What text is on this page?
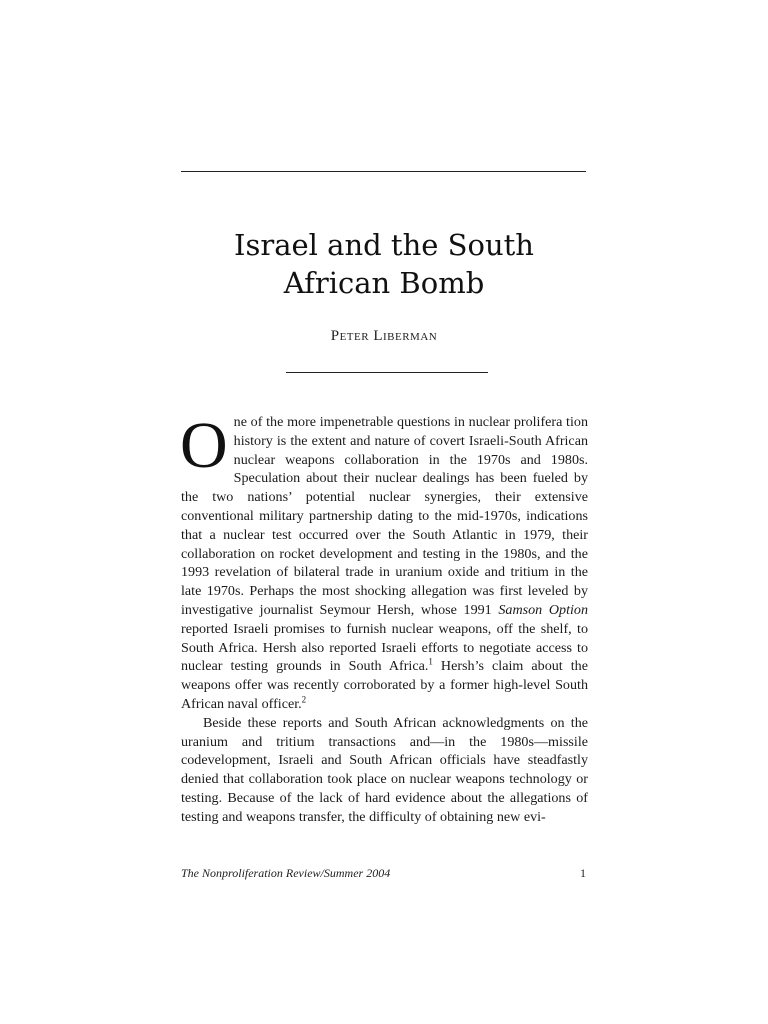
Israel and the South
African Bomb
Peter Liberman

One of the more impenetrable questions in nuclear prolifera tion history is the extent and nature of covert Israeli-South African nuclear weapons collaboration in the 1970s and 1980s. Speculation about their nuclear dealings has been fueled by the two nations’ potential nuclear synergies, their extensive conventional military partnership dating to the mid-1970s, indications that a nuclear test occurred over the South Atlantic in 1979, their collaboration on rocket development and testing in the 1980s, and the 1993 revelation of bilateral trade in uranium oxide and tritium in the late 1970s. Perhaps the most shocking allegation was first leveled by investigative journalist Seymour Hersh, whose 1991 Samson Option reported Israeli promises to furnish nuclear weapons, off the shelf, to South Africa. Hersh also reported Israeli efforts to negotiate access to nuclear testing grounds in South Africa.$^1$ Hersh’s claim about the weapons offer was recently corroborated by a former high-level South African naval officer.$^2$

Beside these reports and South African acknowledgments on the uranium and tritium transactions and—in the 1980s—missile codevelopment, Israeli and South African officials have steadfastly denied that collaboration took place on nuclear weapons technology or testing. Because of the lack of hard evidence about the allegations of testing and weapons transfer, the difficulty of obtaining new evi-

The Nonproliferation Review/Summer 2004	1
